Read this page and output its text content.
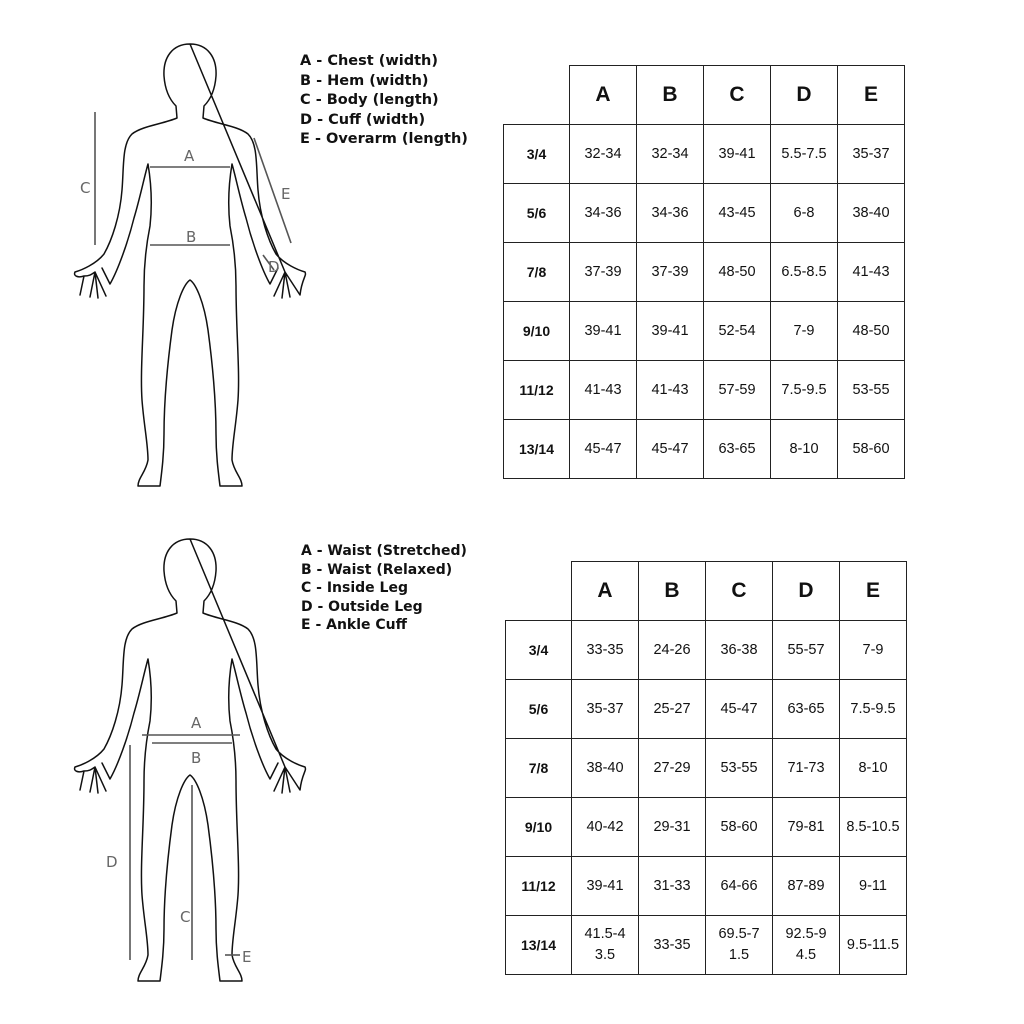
A
B
C
D
E
A - Chest (width)
B - Hem (width)
C - Body (length)
D - Cuff (width)
E - Overarm (length)
	A	B	C	D	E
3/4	32-34	32-34	39-41	5.5-7.5	35-37
5/6	34-36	34-36	43-45	6-8	38-40
7/8	37-39	37-39	48-50	6.5-8.5	41-43
9/10	39-41	39-41	52-54	7-9	48-50
11/12	41-43	41-43	57-59	7.5-9.5	53-55
13/14	45-47	45-47	63-65	8-10	58-60
A
B
C
D
E
A - Waist (Stretched)
B - Waist (Relaxed)
C - Inside Leg
D - Outside Leg
E - Ankle Cuff
	A	B	C	D	E
3/4	33-35	24-26	36-38	55-57	7-9
5/6	35-37	25-27	45-47	63-65	7.5-9.5
7/8	38-40	27-29	53-55	71-73	8-10
9/10	40-42	29-31	58-60	79-81	8.5-10.5
11/12	39-41	31-33	64-66	87-89	9-11
13/14	41.5-43.5	33-35	69.5-71.5	92.5-94.5	9.5-11.5
